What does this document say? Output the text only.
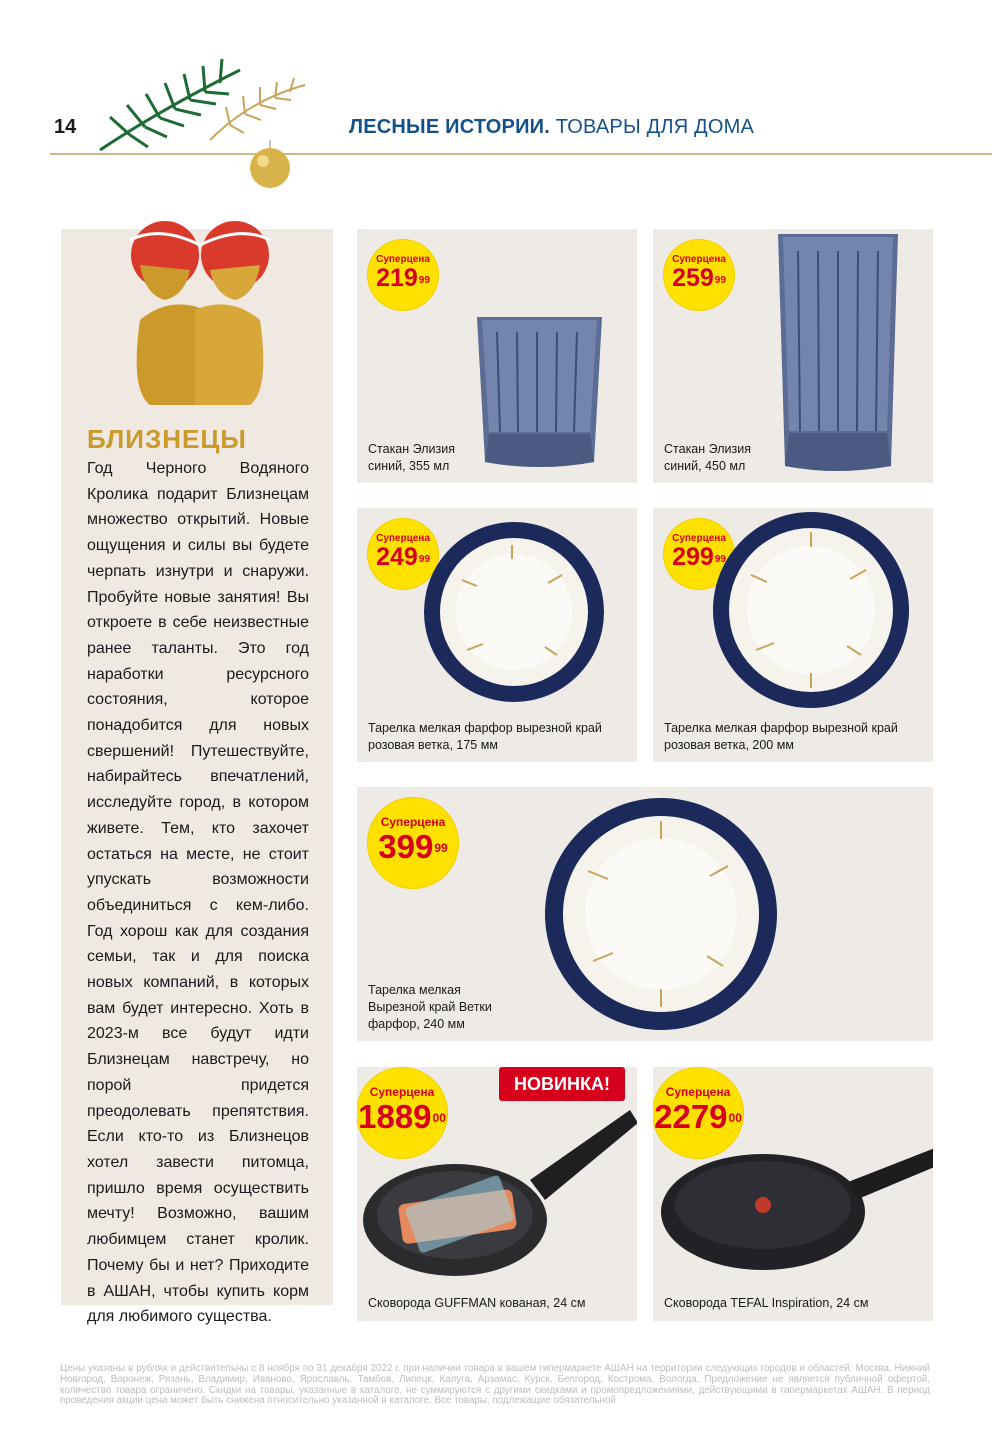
14	ЛЕСНЫЕ ИСТОРИИ. ТОВАРЫ ДЛЯ ДОМА
БЛИЗНЕЦЫ
Год Черного Водяного Кролика подарит Близнецам множество открытий. Новые ощущения и силы вы будете черпать изнутри и снаружи. Пробуйте новые занятия! Вы откроете в себе неизвестные ранее таланты. Это год наработки ресурсного состояния, которое понадобится для новых свершений! Путешествуйте, набирайтесь впечатлений, исследуйте город, в котором живете. Тем, кто захочет остаться на месте, не стоит упускать возможности объединиться с кем-либо. Год хорош как для создания семьи, так и для поиска новых компаний, в которых вам будет интересно. Хоть в 2023-м все будут идти Близнецам навстречу, но порой придется преодолевать препятствия. Если кто-то из Близнецов хотел завести питомца, пришло время осуществить мечту! Возможно, вашим любимцем станет кролик. Почему бы и нет? Приходите в АШАН, чтобы купить корм для любимого существа.
Суперцена
$219^{99}$
Стакан Элизия
синий, 355 мл
Суперцена
$259^{99}$
Стакан Элизия
синий, 450 мл
Суперцена
$249^{99}$
Тарелка мелкая фарфор вырезной край
розовая ветка, 175 мм
Суперцена
$299^{99}$
Тарелка мелкая фарфор вырезной край
розовая ветка, 200 мм
Суперцена
$399^{99}$
Тарелка мелкая
Вырезной край Ветки
фарфор, 240 мм
Суперцена
1889$^{00}$
Сковорода GUFFMAN кованая, 24 см
НОВИНКА!	Суперцена
2279$^{00}$
Сковорода TEFAL Inspiration, 24 см
Цены указаны в рублях и действительны с 8 ноября по 31 декабря 2022 г. при наличии товара в вашем гипермаркете АШАН на территории следующих городов и областей: Москва, Нижний Новгород, Воронеж, Рязань, Владимир, Иваново, Ярославль, Тамбов, Липецк, Калуга, Арзамас, Курск, Белгород, Кострома, Вологда. Предложение не является публичной офертой, количество товара ограничено. Скидки на товары, указанные в каталоге, не суммируются с другими скидками и промопредложениями, действующими в гипермаркетах АШАН. В период проведения акции цена может быть снижена относительно указанной в каталоге. Все товары, подлежащие обязательной
